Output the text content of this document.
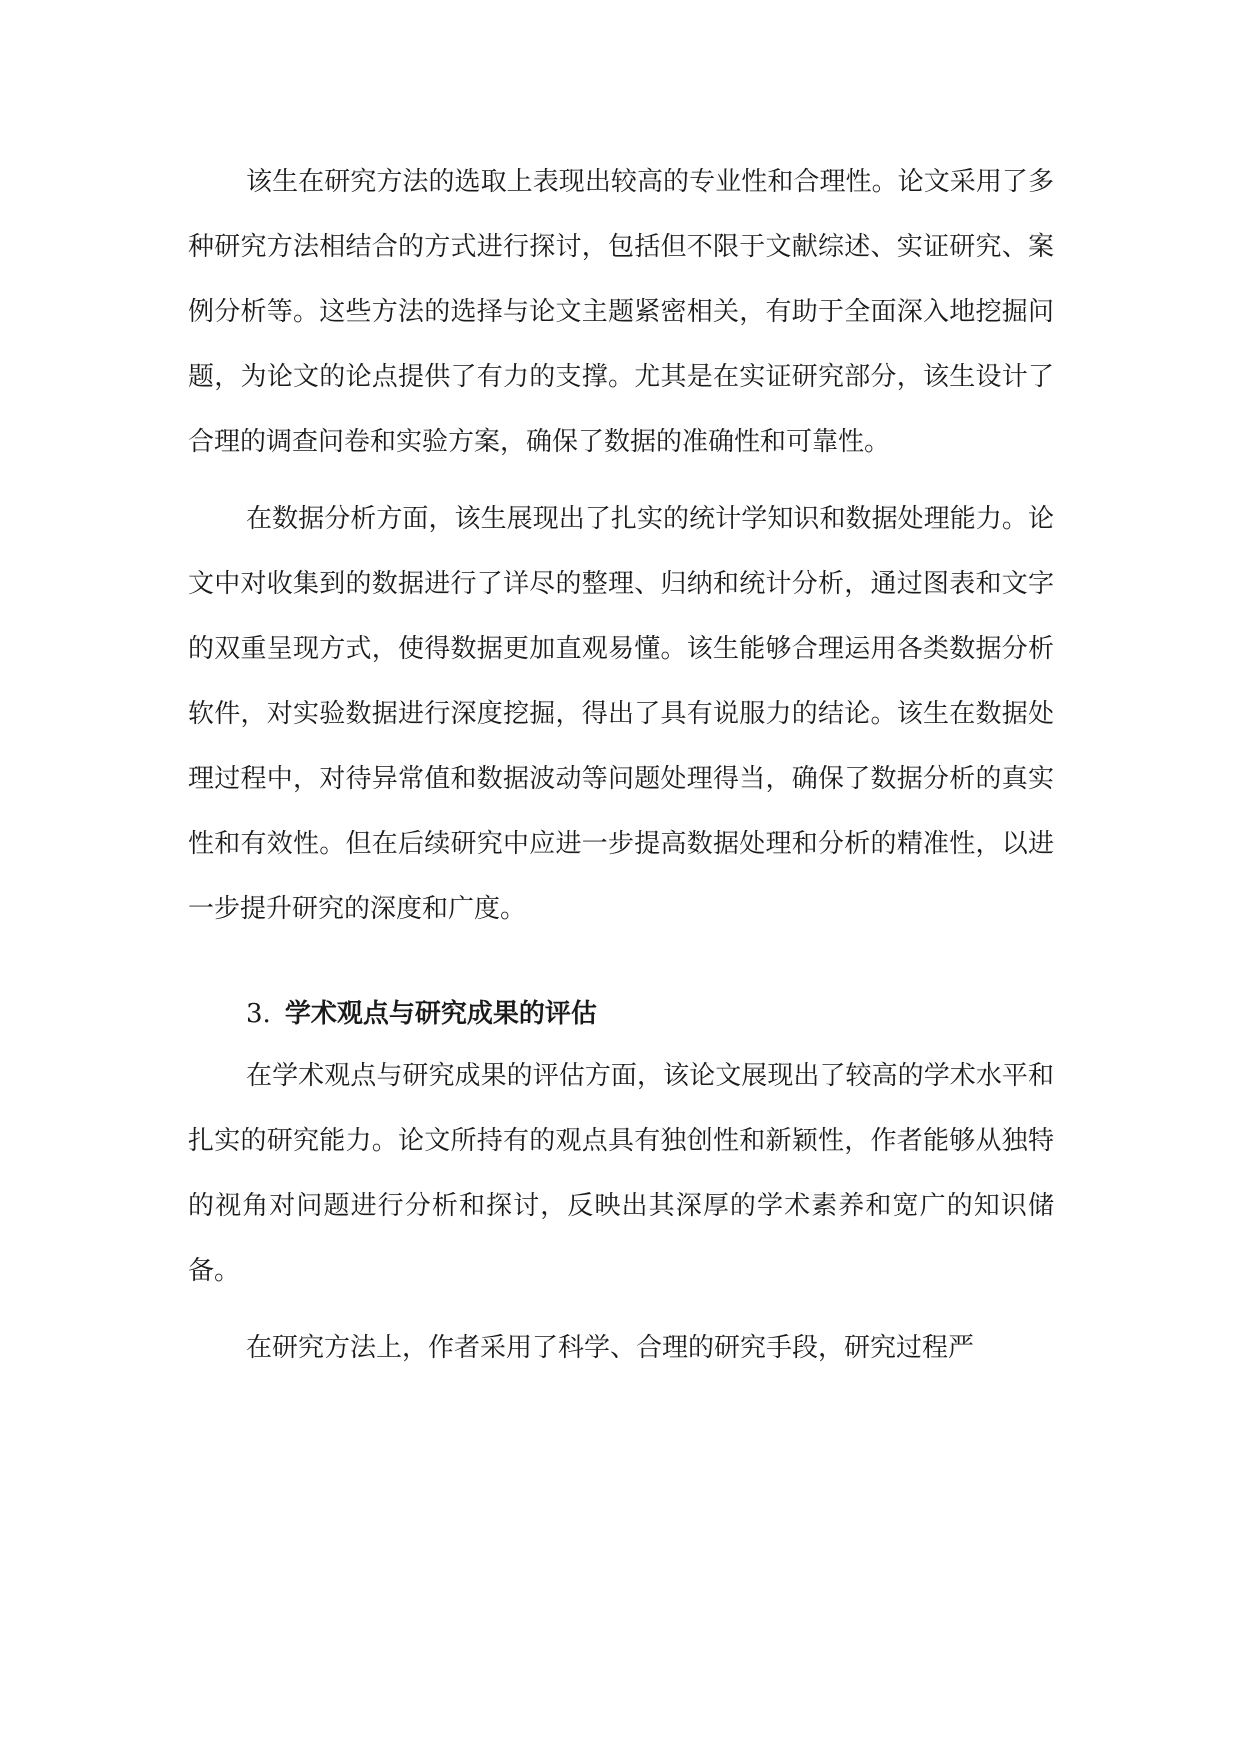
该生在研究方法的选取上表现出较高的专业性和合理性。论文采用了多种研究方法相结合的方式进行探讨，包括但不限于文献综述、实证研究、案例分析等。这些方法的选择与论文主题紧密相关，有助于全面深入地挖掘问题，为论文的论点提供了有力的支撑。尤其是在实证研究部分，该生设计了合理的调查问卷和实验方案，确保了数据的准确性和可靠性。

在数据分析方面，该生展现出了扎实的统计学知识和数据处理能力。论文中对收集到的数据进行了详尽的整理、归纳和统计分析，通过图表和文字的双重呈现方式，使得数据更加直观易懂。该生能够合理运用各类数据分析软件，对实验数据进行深度挖掘，得出了具有说服力的结论。该生在数据处理过程中，对待异常值和数据波动等问题处理得当，确保了数据分析的真实性和有效性。但在后续研究中应进一步提高数据处理和分析的精准性，以进一步提升研究的深度和广度。

3. 学术观点与研究成果的评估

在学术观点与研究成果的评估方面，该论文展现出了较高的学术水平和扎实的研究能力。论文所持有的观点具有独创性和新颖性，作者能够从独特的视角对问题进行分析和探讨，反映出其深厚的学术素养和宽广的知识储备。

在研究方法上，作者采用了科学、合理的研究手段，研究过程严
